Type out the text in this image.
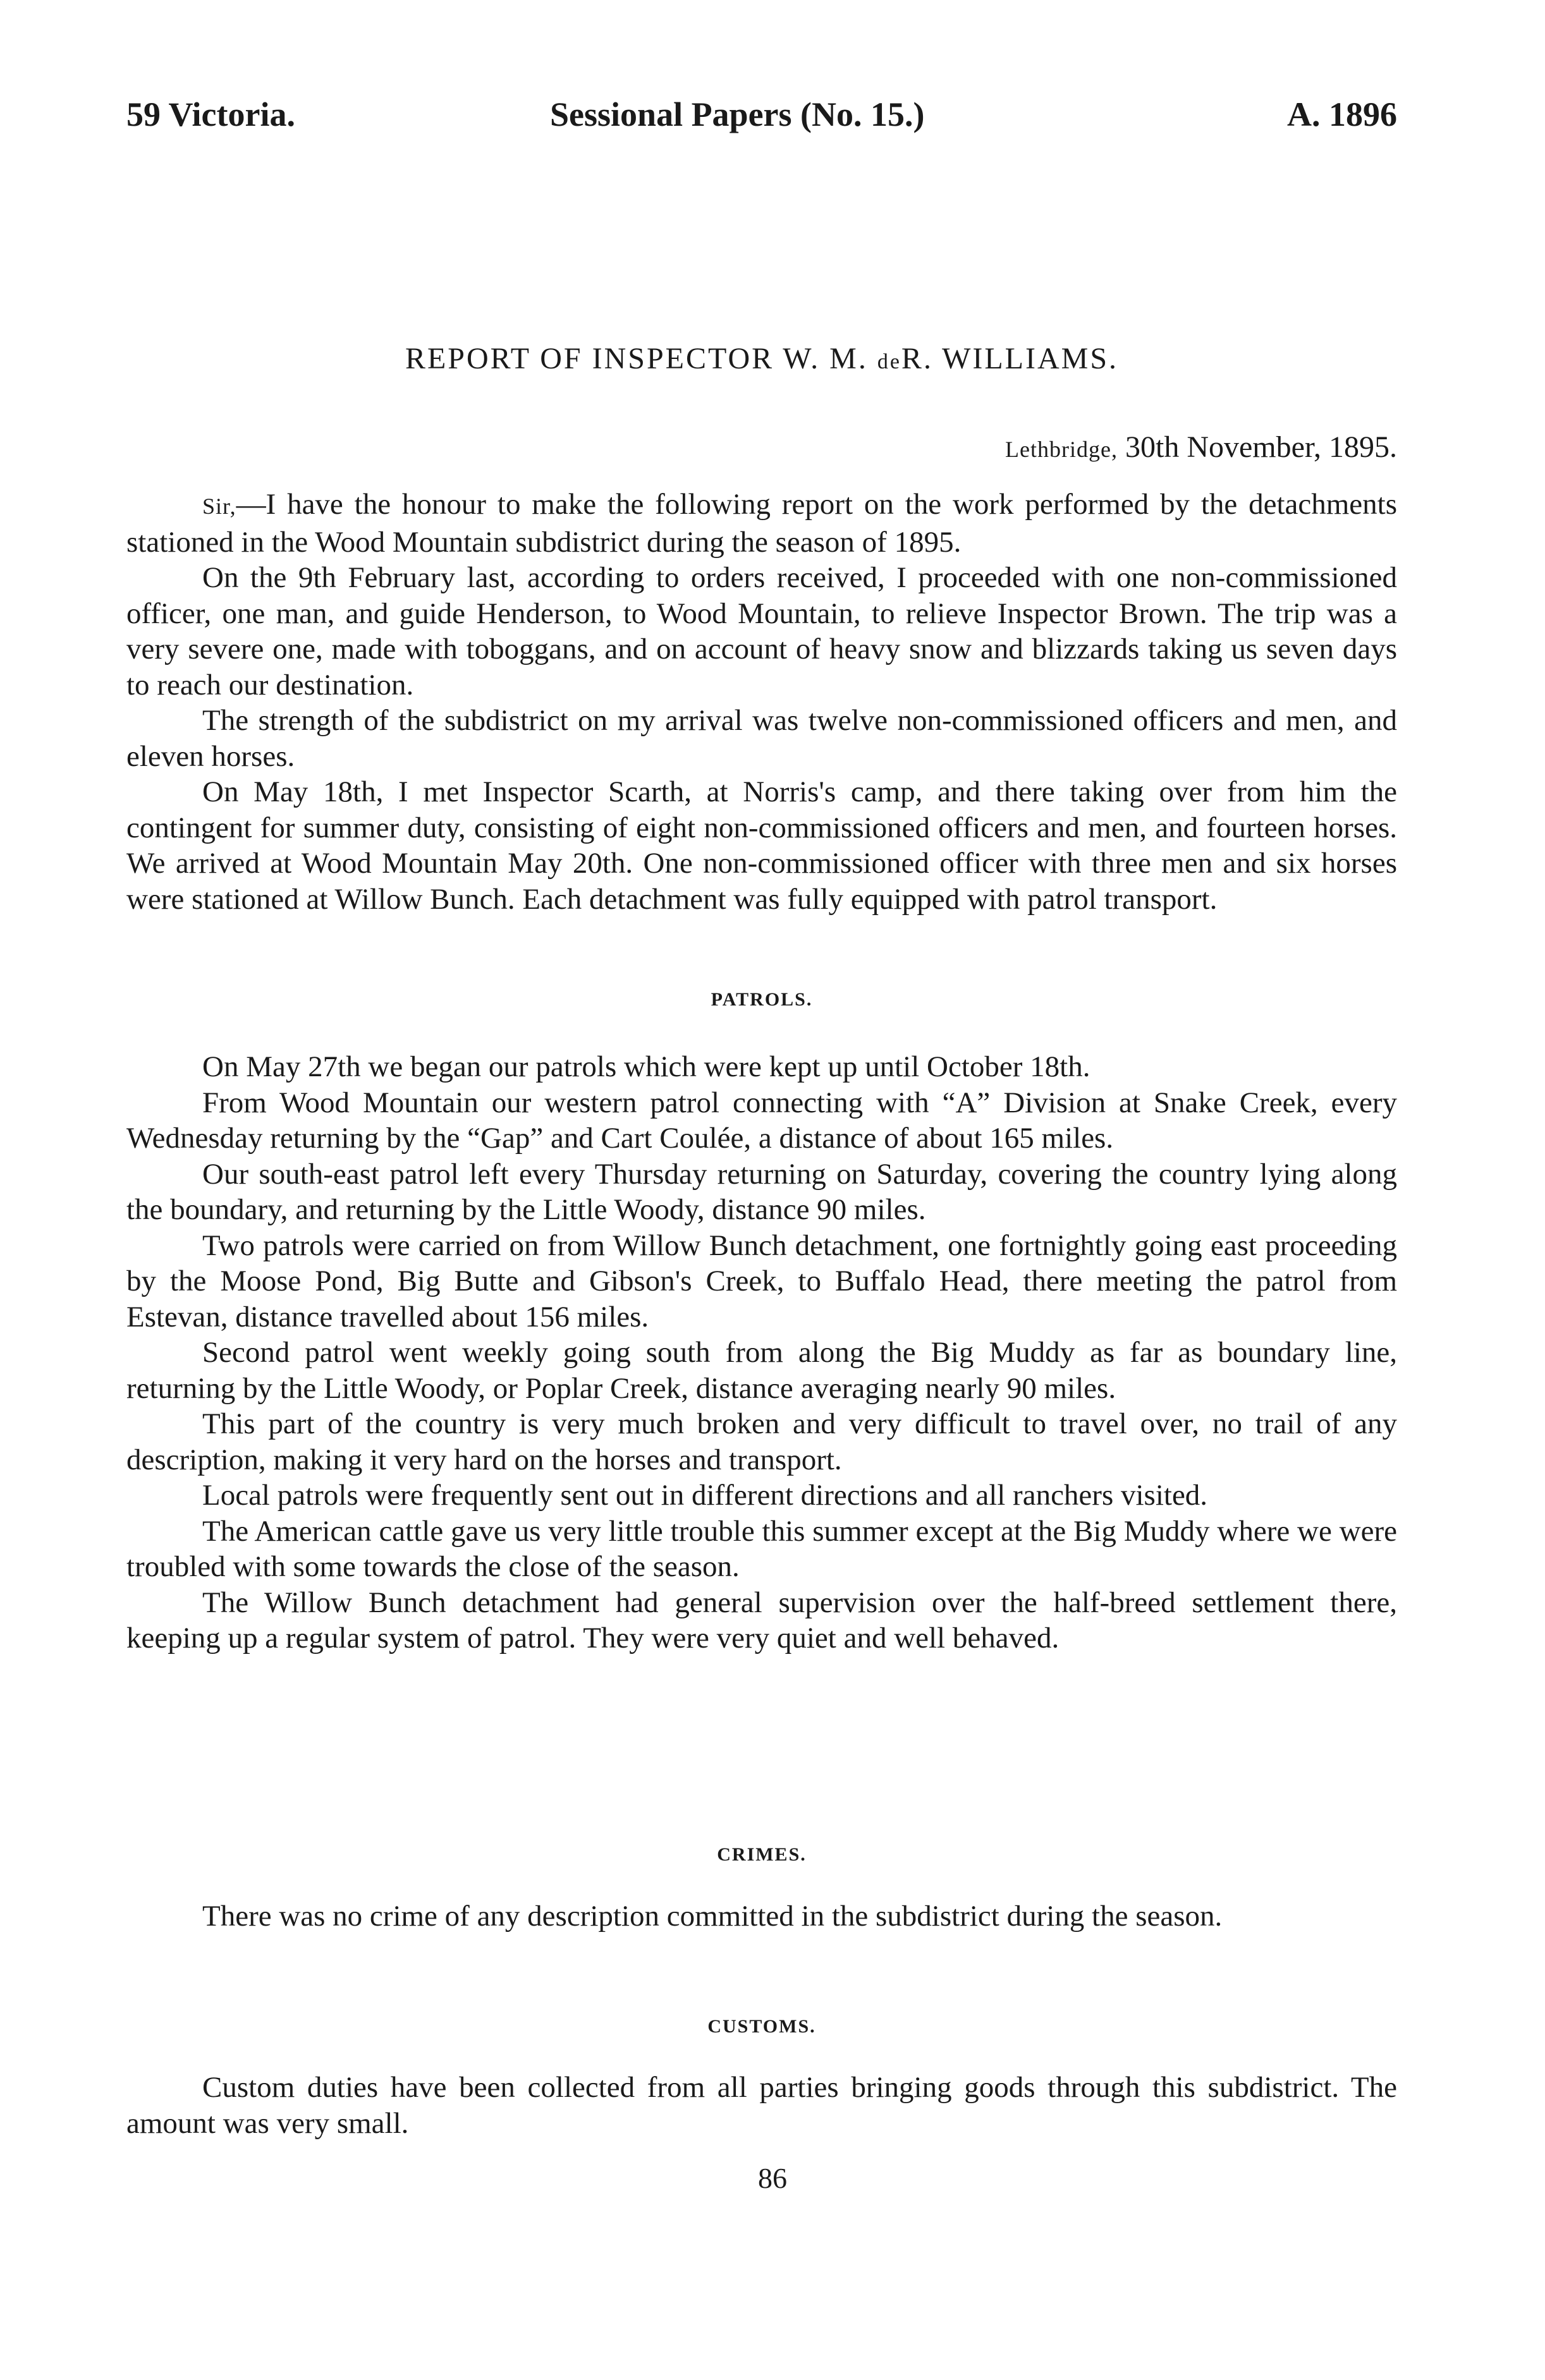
59 Victoria.	Sessional Papers (No. 15.)	A. 1896
REPORT OF INSPECTOR W. M. deR. WILLIAMS.
Lethbridge, 30th November, 1895.

Sir,—I have the honour to make the following report on the work performed by the detachments stationed in the Wood Mountain subdistrict during the season of 1895.

On the 9th February last, according to orders received, I proceeded with one non-commissioned officer, one man, and guide Henderson, to Wood Mountain, to relieve Inspector Brown. The trip was a very severe one, made with toboggans, and on account of heavy snow and blizzards taking us seven days to reach our destination.

The strength of the subdistrict on my arrival was twelve non-commissioned officers and men, and eleven horses.

On May 18th, I met Inspector Scarth, at Norris's camp, and there taking over from him the contingent for summer duty, consisting of eight non-commissioned officers and men, and fourteen horses. We arrived at Wood Mountain May 20th. One non-commissioned officer with three men and six horses were stationed at Willow Bunch. Each detachment was fully equipped with patrol transport.

PATROLS.

On May 27th we began our patrols which were kept up until October 18th.

From Wood Mountain our western patrol connecting with “A” Division at Snake Creek, every Wednesday returning by the “Gap” and Cart Coulée, a distance of about 165 miles.

Our south-east patrol left every Thursday returning on Saturday, covering the country lying along the boundary, and returning by the Little Woody, distance 90 miles.

Two patrols were carried on from Willow Bunch detachment, one fortnightly going east proceeding by the Moose Pond, Big Butte and Gibson's Creek, to Buffalo Head, there meeting the patrol from Estevan, distance travelled about 156 miles.

Second patrol went weekly going south from along the Big Muddy as far as boundary line, returning by the Little Woody, or Poplar Creek, distance averaging nearly 90 miles.

This part of the country is very much broken and very difficult to travel over, no trail of any description, making it very hard on the horses and transport.

Local patrols were frequently sent out in different directions and all ranchers visited.

The American cattle gave us very little trouble this summer except at the Big Muddy where we were troubled with some towards the close of the season.

The Willow Bunch detachment had general supervision over the half-breed settlement there, keeping up a regular system of patrol. They were very quiet and well behaved.

CRIMES.

There was no crime of any description committed in the subdistrict during the season.

CUSTOMS.

Custom duties have been collected from all parties bringing goods through this subdistrict. The amount was very small.

86
